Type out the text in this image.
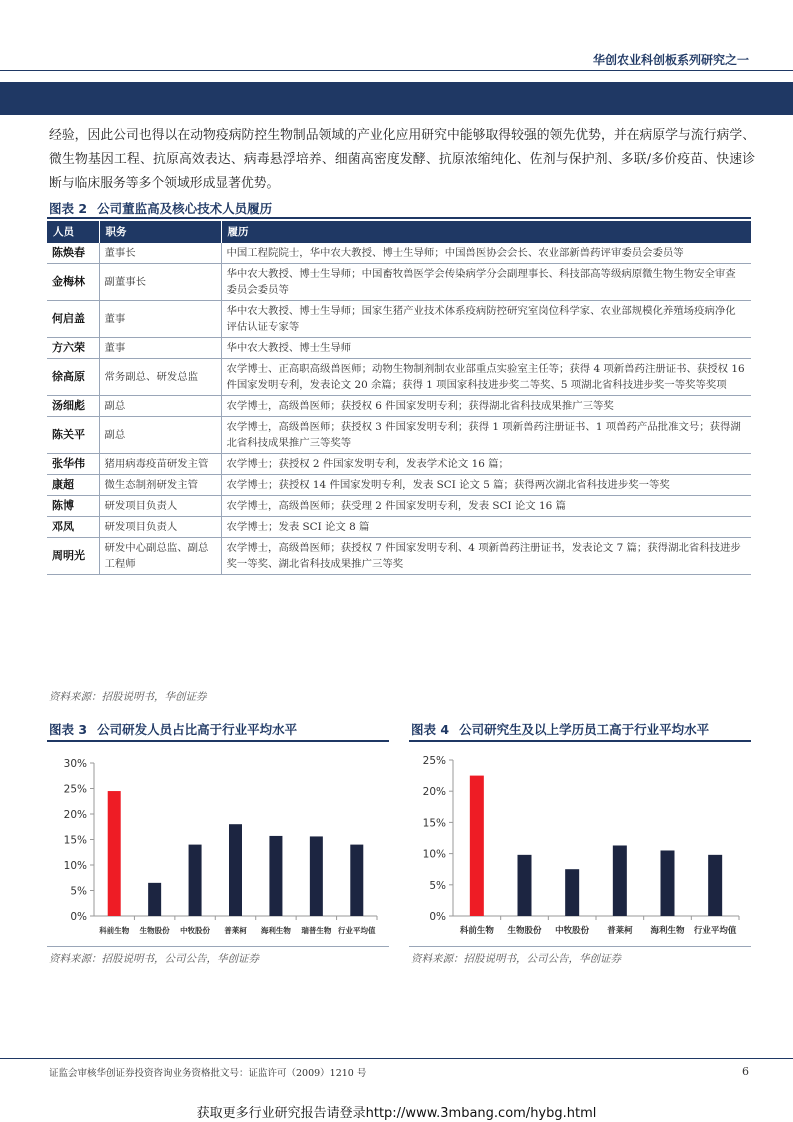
华创农业科创板系列研究之一

经验，因此公司也得以在动物疫病防控生物制品领域的产业化应用研究中能够取得较强的领先优势，并在病原学与流行病学、微生物基因工程、抗原高效表达、病毒悬浮培养、细菌高密度发酵、抗原浓缩纯化、佐剂与保护剂、多联/多价疫苗、快速诊断与临床服务等多个领域形成显著优势。

图表 2 公司董监高及核心技术人员履历
人员	职务	履历
陈焕春	董事长	中国工程院院士，华中农大教授、博士生导师；中国兽医协会会长、农业部新兽药评审委员会委员等
金梅林	副董事长	华中农大教授、博士生导师；中国畜牧兽医学会传染病学分会副理事长、科技部高等级病原微生物生物安全审查委员会委员等
何启盖	董事	华中农大教授、博士生导师；国家生猪产业技术体系疫病防控研究室岗位科学家、农业部规模化养殖场疫病净化评估认证专家等
方六荣	董事	华中农大教授、博士生导师
徐高原	常务副总、研发总监	农学博士、正高职高级兽医师；动物生物制剂制农业部重点实验室主任等；获得 4 项新兽药注册证书、获授权 16 件国家发明专利，发表论文 20 余篇；获得 1 项国家科技进步奖二等奖、5 项湖北省科技进步奖一等奖等奖项
汤细彪	副总	农学博士，高级兽医师；获授权 6 件国家发明专利；获得湖北省科技成果推广三等奖
陈关平	副总	农学博士，高级兽医师；获授权 3 件国家发明专利；获得 1 项新兽药注册证书、1 项兽药产品批准文号；获得湖北省科技成果推广三等奖等
张华伟	猪用病毒疫苗研发主管	农学博士；获授权 2 件国家发明专利，发表学术论文 16 篇；
康超	微生态制剂研发主管	农学博士；获授权 14 件国家发明专利，发表 SCI 论文 5 篇；获得两次湖北省科技进步奖一等奖
陈博	研发项目负责人	农学博士，高级兽医师；获受理 2 件国家发明专利，发表 SCI 论文 16 篇
邓凤	研发项目负责人	农学博士；发表 SCI 论文 8 篇
周明光	研发中心副总监、副总工程师	农学博士，高级兽医师；获授权 7 件国家发明专利、4 项新兽药注册证书，发表论文 7 篇；获得湖北省科技进步奖一等奖、湖北省科技成果推广三等奖
资料来源：招股说明书，华创证券
图表 3 公司研发人员占比高于行业平均水平
0%
5%
10%
15%
20%
25%
30%
科前生物 生物股份 中牧股份 普莱柯 海利生物 瑞普生物 行业平均值
资料来源：招股说明书，公司公告，华创证券
图表 4 公司研究生及以上学历员工高于行业平均水平
0%
5%
10%
15%
20%
25%
科前生物 生物股份 中牧股份 普莱柯 海利生物 行业平均值
资料来源：招股说明书，公司公告，华创证券
证监会审核华创证券投资咨询业务资格批文号：证监许可（2009）1210 号	6
获取更多行业研究报告请登录http://www.3mbang.com/hybg.html
